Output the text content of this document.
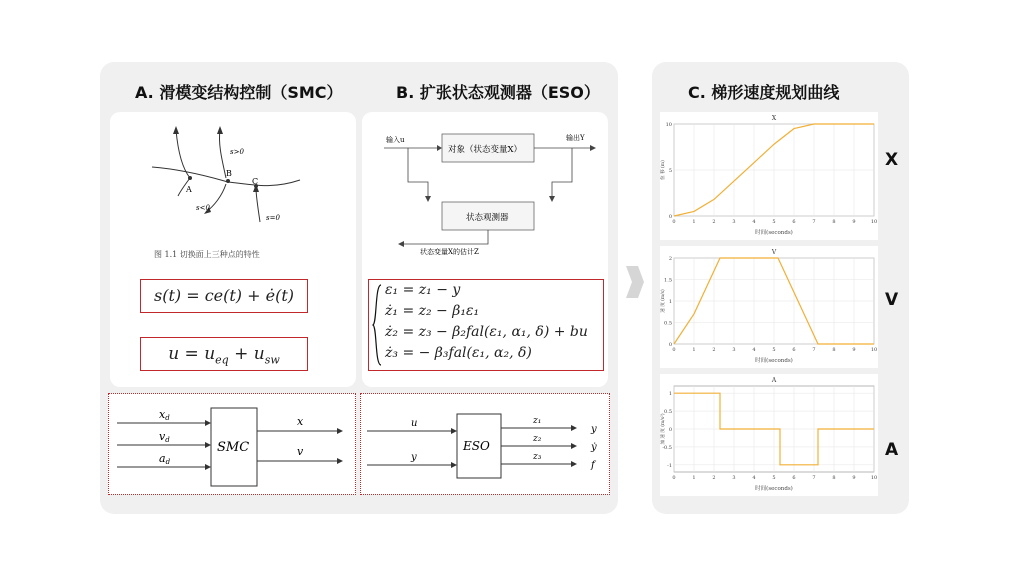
A. 滑模变结构控制（SMC）	B. 扩张状态观测器（ESO）	C. 梯形速度规划曲线
A
B
C
s>0
s<0
s=0
图 1.1 切换面上三种点的特性
s(t) = ce(t) + ė(t)
$u = u_{eq} + u_{sw}$
对象（状态变量X）
状态观测器
输入u	输出Y
状态变量X的估计Z
ε₁ = z₁ − y
ż₁ = z₂ − β₁ε₁
ż₂ = z₃ − β₂fal(ε₁, α₁, δ) + bu
ż₃ = − β₃fal(ε₁, α₂, δ)
SMC
xd
vd
ad
x
v	ESO
u
y
z₁
z₂
z₃
y
ẏ
f
X
0	1	2	3	4	5	6	7	8	9	10
0
5
10
时间(seconds)
位 移 (m)
V
0	1	2	3	4	5	6	7	8	9	10
0
0.5
1
1.5
2
时间(seconds)
速 度 (m/s)
A
0	1	2	3	4	5	6	7	8	9	10
-1
-0.5
0
0.5
1
时间(seconds)
加 速 度 (m/s²)
X
V
A
